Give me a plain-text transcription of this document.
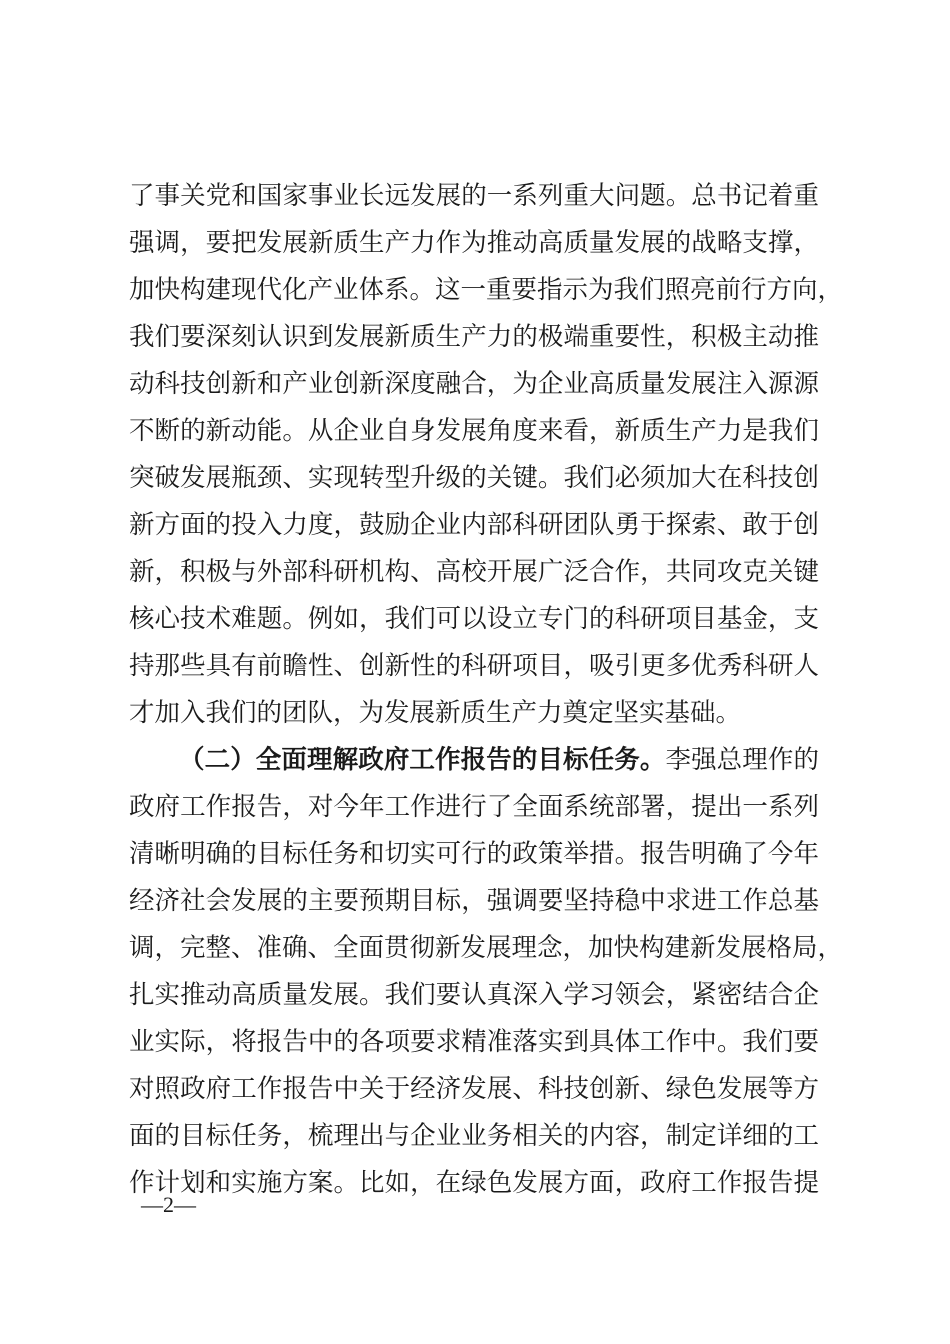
了事关党和国家事业长远发展的一系列重大问题。总书记着重
强调，要把发展新质生产力作为推动高质量发展的战略支撑，
加快构建现代化产业体系。这一重要指示为我们照亮前行方向，
我们要深刻认识到发展新质生产力的极端重要性，积极主动推
动科技创新和产业创新深度融合，为企业高质量发展注入源源
不断的新动能。从企业自身发展角度来看，新质生产力是我们
突破发展瓶颈、实现转型升级的关键。我们必须加大在科技创
新方面的投入力度，鼓励企业内部科研团队勇于探索、敢于创
新，积极与外部科研机构、高校开展广泛合作，共同攻克关键
核心技术难题。例如，我们可以设立专门的科研项目基金，支
持那些具有前瞻性、创新性的科研项目，吸引更多优秀科研人
才加入我们的团队，为发展新质生产力奠定坚实基础。
（二）全面理解政府工作报告的目标任务。李强总理作的
政府工作报告，对今年工作进行了全面系统部署，提出一系列
清晰明确的目标任务和切实可行的政策举措。报告明确了今年
经济社会发展的主要预期目标，强调要坚持稳中求进工作总基
调，完整、准确、全面贯彻新发展理念，加快构建新发展格局，
扎实推动高质量发展。我们要认真深入学习领会，紧密结合企
业实际，将报告中的各项要求精准落实到具体工作中。我们要
对照政府工作报告中关于经济发展、科技创新、绿色发展等方
面的目标任务，梳理出与企业业务相关的内容，制定详细的工
作计划和实施方案。比如，在绿色发展方面，政府工作报告提
—2—
